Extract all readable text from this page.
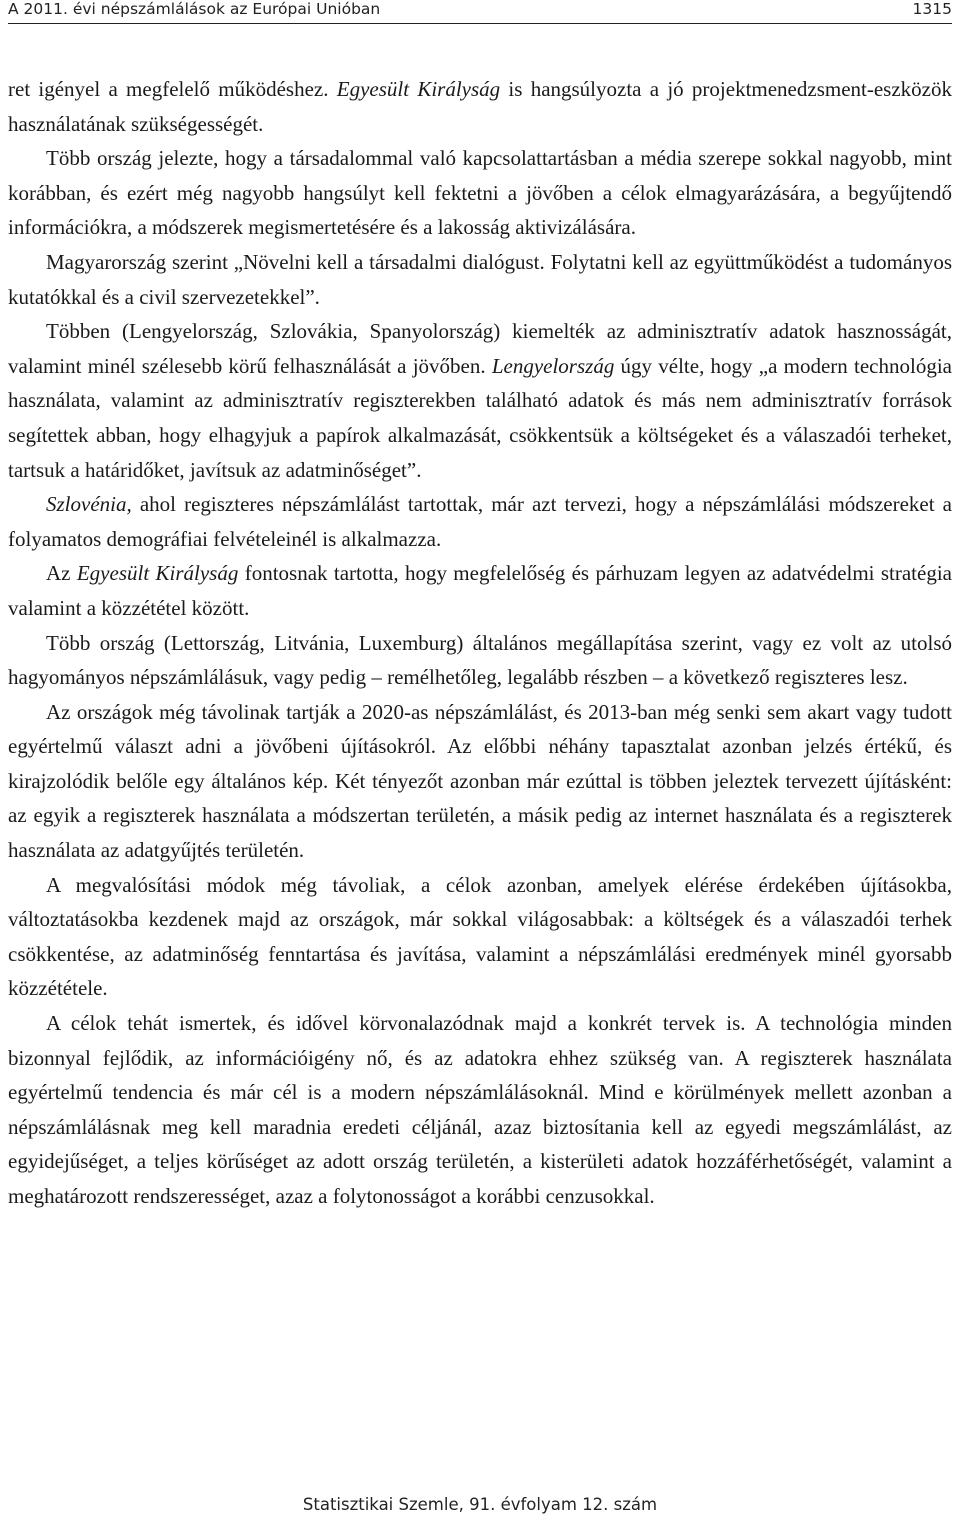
A 2011. évi népszámlálások az Európai Unióban	1315

ret igényel a megfelelő működéshez. Egyesült Királyság is hangsúlyozta a jó projektmenedzsment-eszközök használatának szükségességét.

Több ország jelezte, hogy a társadalommal való kapcsolattartásban a média szerepe sokkal nagyobb, mint korábban, és ezért még nagyobb hangsúlyt kell fektetni a jövőben a célok elmagyarázására, a begyűjtendő információkra, a módszerek megismertetésére és a lakosság aktivizálására.

Magyarország szerint „Növelni kell a társadalmi dialógust. Folytatni kell az együttműködést a tudományos kutatókkal és a civil szervezetekkel”.

Többen (Lengyelország, Szlovákia, Spanyolország) kiemelték az adminisztratív adatok hasznosságát, valamint minél szélesebb körű felhasználását a jövőben. Lengyelország úgy vélte, hogy „a modern technológia használata, valamint az adminisztratív regiszterekben található adatok és más nem adminisztratív források segítettek abban, hogy elhagyjuk a papírok alkalmazását, csökkentsük a költségeket és a válaszadói terheket, tartsuk a határidőket, javítsuk az adatminőséget”.

Szlovénia, ahol regiszteres népszámlálást tartottak, már azt tervezi, hogy a népszámlálási módszereket a folyamatos demográfiai felvételeinél is alkalmazza.

Az Egyesült Királyság fontosnak tartotta, hogy megfelelőség és párhuzam legyen az adatvédelmi stratégia valamint a közzététel között.

Több ország (Lettország, Litvánia, Luxemburg) általános megállapítása szerint, vagy ez volt az utolsó hagyományos népszámlálásuk, vagy pedig – remélhetőleg, legalább részben – a következő regiszteres lesz.

Az országok még távolinak tartják a 2020-as népszámlálást, és 2013-ban még senki sem akart vagy tudott egyértelmű választ adni a jövőbeni újításokról. Az előbbi néhány tapasztalat azonban jelzés értékű, és kirajzolódik belőle egy általános kép. Két tényezőt azonban már ezúttal is többen jeleztek tervezett újításként: az egyik a regiszterek használata a módszertan területén, a másik pedig az internet használata és a regiszterek használata az adatgyűjtés területén.

A megvalósítási módok még távoliak, a célok azonban, amelyek elérése érdekében újításokba, változtatásokba kezdenek majd az országok, már sokkal világosabbak: a költségek és a válaszadói terhek csökkentése, az adatminőség fenntartása és javítása, valamint a népszámlálási eredmények minél gyorsabb közzététele.

A célok tehát ismertek, és idővel körvonalazódnak majd a konkrét tervek is. A technológia minden bizonnyal fejlődik, az információigény nő, és az adatokra ehhez szükség van. A regiszterek használata egyértelmű tendencia és már cél is a modern népszámlálásoknál. Mind e körülmények mellett azonban a népszámlálásnak meg kell maradnia eredeti céljánál, azaz biztosítania kell az egyedi megszámlálást, az egyidejűséget, a teljes körűséget az adott ország területén, a kisterületi adatok hozzáférhetőségét, valamint a meghatározott rendszerességet, azaz a folytonosságot a korábbi cenzusokkal.

Statisztikai Szemle, 91. évfolyam 12. szám
